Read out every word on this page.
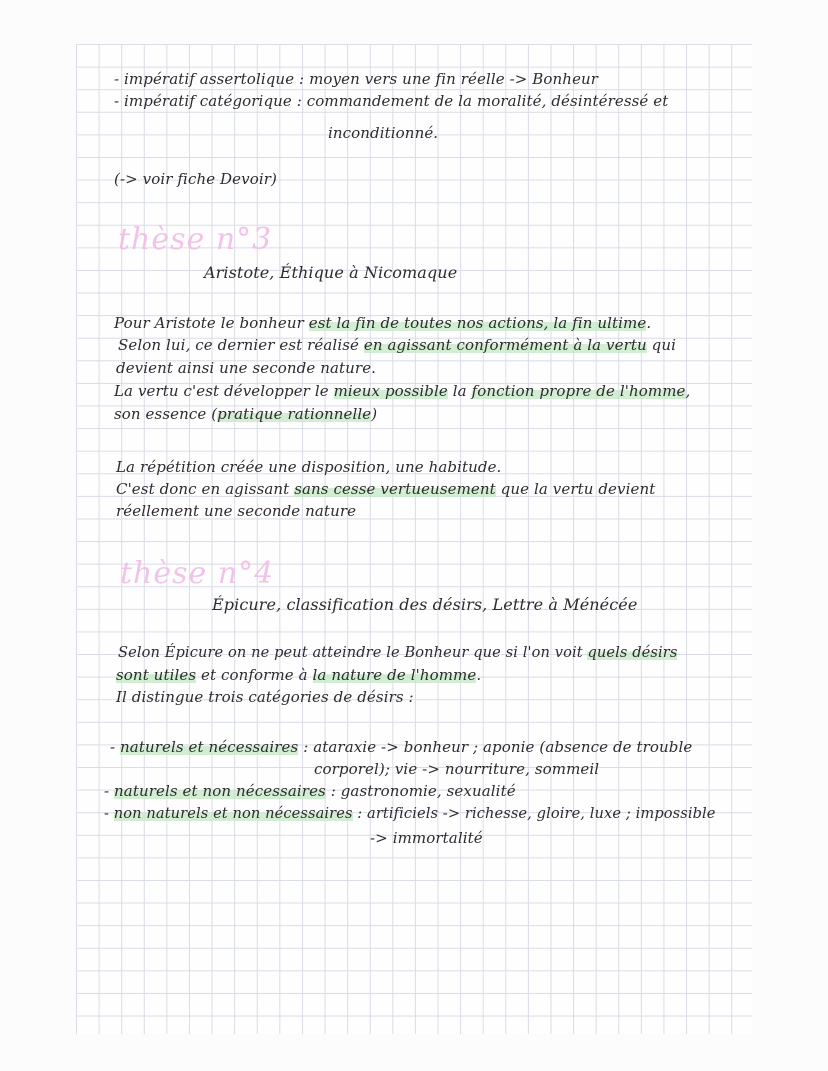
- impératif assertolique : moyen vers une fin réelle -> Bonheur
- impératif catégorique : commandement de la moralité, désintéressé et
inconditionné.
(-> voir fiche Devoir)
thèse n°3
Aristote, Éthique à Nicomaque
Pour Aristote le bonheur est la fin de toutes nos actions, la fin ultime.
Selon lui, ce dernier est réalisé en agissant conformément à la vertu qui
devient ainsi une seconde nature.
La vertu c'est développer le mieux possible la fonction propre de l'homme,
son essence (pratique rationnelle)
La répétition créée une disposition, une habitude.
C'est donc en agissant sans cesse vertueusement que la vertu devient
réellement une seconde nature
thèse n°4
Épicure, classification des désirs, Lettre à Ménécée
Selon Épicure on ne peut atteindre le Bonheur que si l'on voit quels désirs
sont utiles et conforme à la nature de l'homme.
Il distingue trois catégories de désirs :
- naturels et nécessaires : ataraxie -> bonheur ; aponie (absence de trouble
corporel); vie -> nourriture, sommeil
- naturels et non nécessaires : gastronomie, sexualité
- non naturels et non nécessaires : artificiels -> richesse, gloire, luxe ; impossible
-> immortalité
